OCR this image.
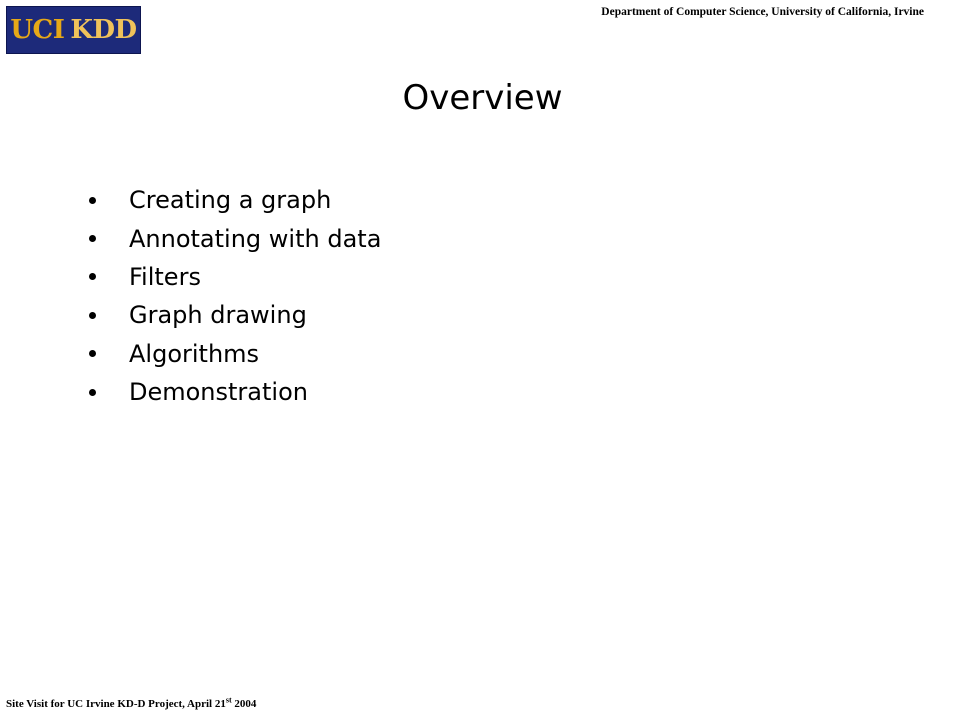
UCI KDD
Department of Computer Science, University of California, Irvine
Overview
Creating a graph
Annotating with data
Filters
Graph drawing
Algorithms
Demonstration
Site Visit for UC Irvine KD-D Project, April 21st 2004
